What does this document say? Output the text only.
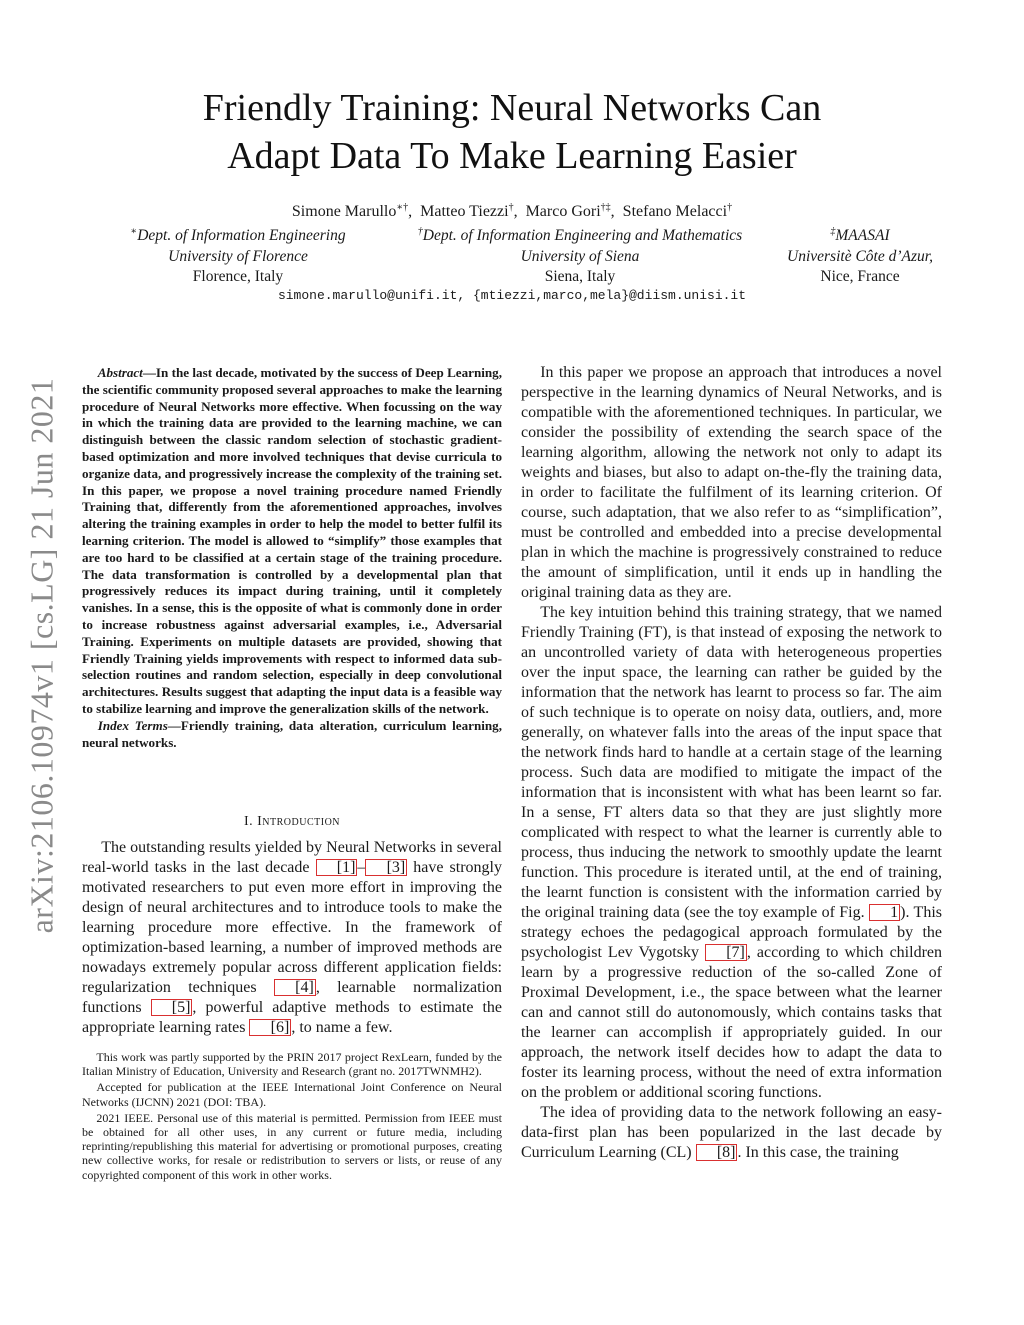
arXiv:2106.10974v1 [cs.LG] 21 Jun 2021
Friendly Training: Neural Networks Can
Adapt Data To Make Learning Easier
Simone Marullo∗†,  Matteo Tiezzi†,  Marco Gori†‡,  Stefano Melacci†
∗Dept. of Information Engineering
University of Florence
Florence, Italy
†Dept. of Information Engineering and Mathematics
University of Siena
Siena, Italy
‡MAASAI
Universitè Côte d’Azur,
Nice, France
simone.marullo@unifi.it, {mtiezzi,marco,mela}@diism.unisi.it

Abstract—In the last decade, motivated by the success of Deep Learning, the scientific community proposed several approaches to make the learning procedure of Neural Networks more effective. When focussing on the way in which the training data are provided to the learning machine, we can distinguish between the classic random selection of stochastic gradient-based optimization and more involved techniques that devise curricula to organize data, and progressively increase the complexity of the training set. In this paper, we propose a novel training procedure named Friendly Training that, differently from the aforementioned approaches, involves altering the training examples in order to help the model to better fulfil its learning criterion. The model is allowed to “simplify” those examples that are too hard to be classified at a certain stage of the training procedure. The data transformation is controlled by a developmental plan that progressively reduces its impact during training, until it completely vanishes. In a sense, this is the opposite of what is commonly done in order to increase robustness against adversarial examples, i.e., Adversarial Training. Experiments on multiple datasets are provided, showing that Friendly Training yields improvements with respect to informed data sub-selection routines and random selection, especially in deep convolutional architectures. Results suggest that adapting the input data is a feasible way to stabilize learning and improve the generalization skills of the network.

Index Terms—Friendly training, data alteration, curriculum learning, neural networks.

I. Introduction

The outstanding results yielded by Neural Networks in several real-world tasks in the last decade [1] – [3] have strongly motivated researchers to put even more effort in improving the design of neural architectures and to introduce tools to make the learning procedure more effective. In the framework of optimization-based learning, a number of improved methods are nowadays extremely popular across different application fields: regularization techniques [4] , learnable normalization functions [5] , powerful adaptive methods to estimate the appropriate learning rates [6] , to name a few.

This work was partly supported by the PRIN 2017 project RexLearn, funded by the Italian Ministry of Education, University and Research (grant no. 2017TWNMH2).

Accepted for publication at the IEEE International Joint Conference on Neural Networks (IJCNN) 2021 (DOI: TBA).

2021 IEEE. Personal use of this material is permitted. Permission from IEEE must be obtained for all other uses, in any current or future media, including reprinting/republishing this material for advertising or promotional purposes, creating new collective works, for resale or redistribution to servers or lists, or reuse of any copyrighted component of this work in other works.

In this paper we propose an approach that introduces a novel perspective in the learning dynamics of Neural Networks, and is compatible with the aforementioned techniques. In particular, we consider the possibility of extending the search space of the learning algorithm, allowing the network not only to adapt its weights and biases, but also to adapt on-the-fly the training data, in order to facilitate the fulfilment of its learning criterion. Of course, such adaptation, that we also refer to as “simplification”, must be controlled and embedded into a precise developmental plan in which the machine is progressively constrained to reduce the amount of simplification, until it ends up in handling the original training data as they are.

The key intuition behind this training strategy, that we named Friendly Training (FT), is that instead of exposing the network to an uncontrolled variety of data with heterogeneous properties over the input space, the learning can rather be guided by the information that the network has learnt to process so far. The aim of such technique is to operate on noisy data, outliers, and, more generally, on whatever falls into the areas of the input space that the network finds hard to handle at a certain stage of the learning process. Such data are modified to mitigate the impact of the information that is inconsistent with what has been learnt so far. In a sense, FT alters data so that they are just slightly more complicated with respect to what the learner is currently able to process, thus inducing the network to smoothly update the learnt function. This procedure is iterated until, at the end of training, the learnt function is consistent with the information carried by the original training data (see the toy example of Fig. 1 ). This strategy echoes the pedagogical approach formulated by the psychologist Lev Vygotsky [7] , according to which children learn by a progressive reduction of the so-called Zone of Proximal Development, i.e., the space between what the learner can and cannot still do autonomously, which contains tasks that the learner can accomplish if appropriately guided. In our approach, the network itself decides how to adapt the data to foster its learning process, without the need of extra information on the problem or additional scoring functions.

The idea of providing data to the network following an easy-data-first plan has been popularized in the last decade by Curriculum Learning (CL) [8] . In this case, the training
